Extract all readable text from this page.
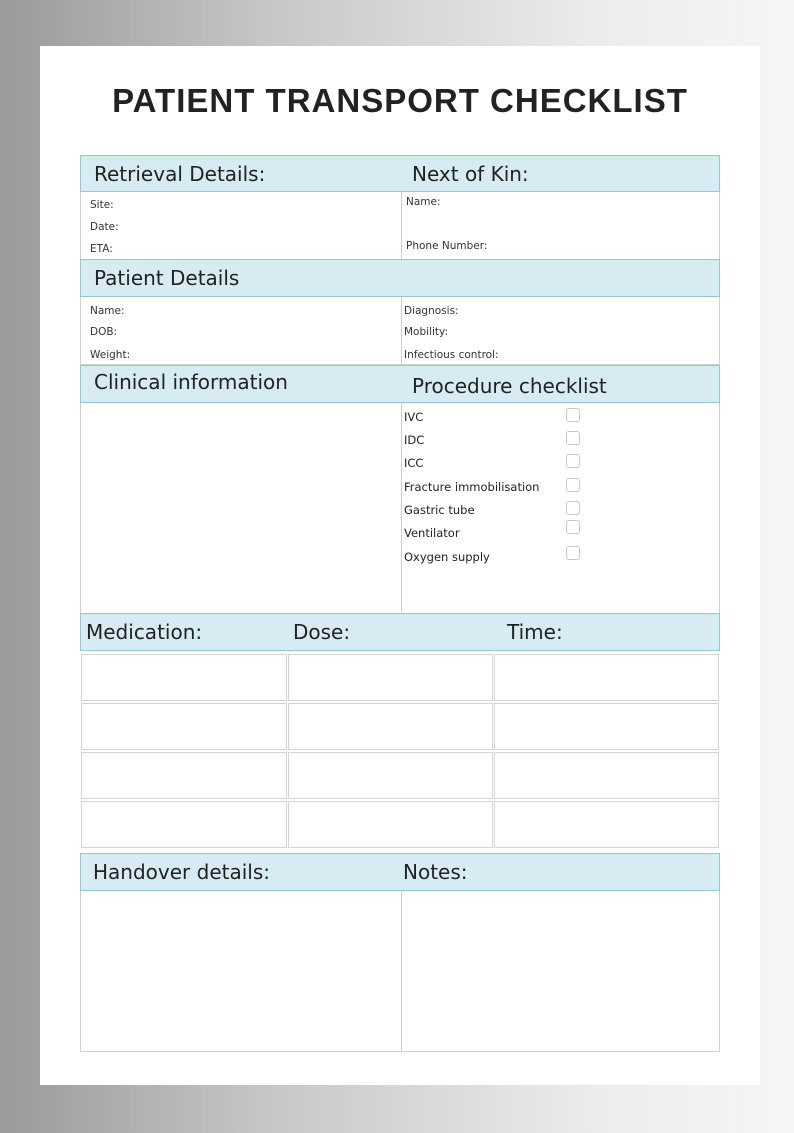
PATIENT TRANSPORT CHECKLIST
Retrieval Details:	Next of Kin:
Site:
Date:
ETA:
Name:
Phone Number:
Patient Details
Name:
DOB:
Weight:
Diagnosis:
Mobility:
Infectious control:
Clinical information	Procedure checklist
IVC
IDC
ICC
Fracture immobilisation
Gastric tube
Ventilator
Oxygen supply
Medication:	Dose:	Time:
Handover details:	Notes:
